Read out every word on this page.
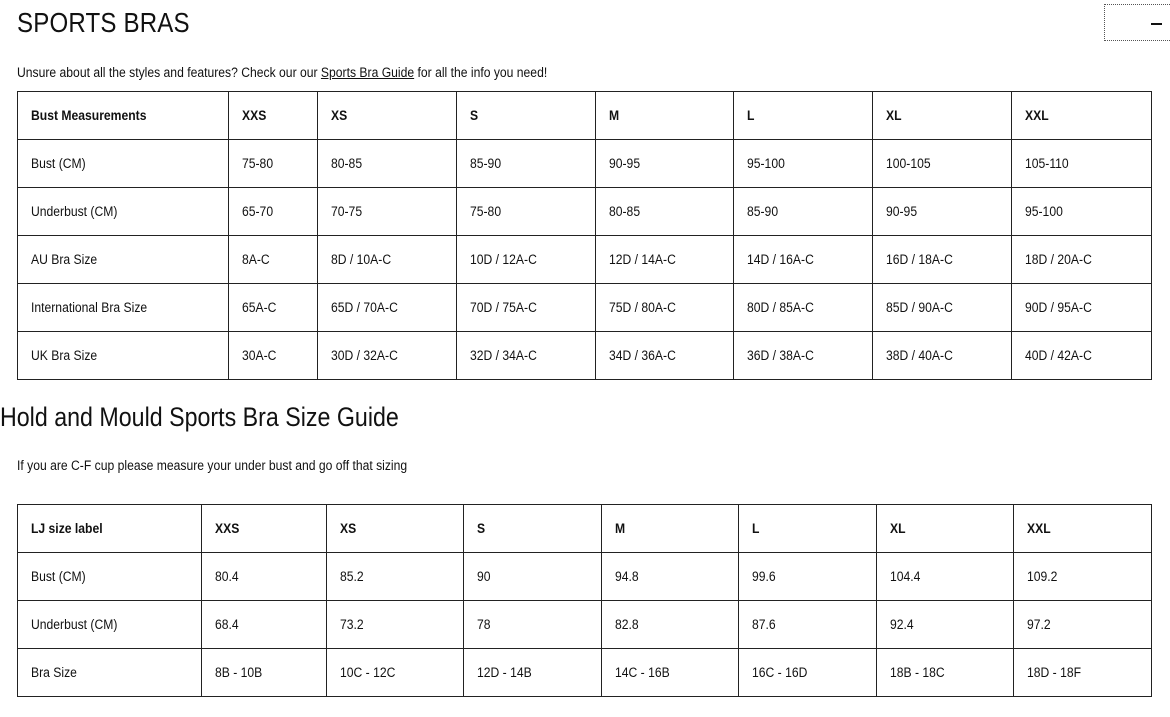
SPORTS BRAS
Unsure about all the styles and features? Check our our Sports Bra Guide for all the info you need!
Bust Measurements	XXS	XS	S	M	L	XL	XXL
Bust (CM)	75-80	80-85	85-90	90-95	95-100	100-105	105-110
Underbust (CM)	65-70	70-75	75-80	80-85	85-90	90-95	95-100
AU Bra Size	8A-C	8D / 10A-C	10D / 12A-C	12D / 14A-C	14D / 16A-C	16D / 18A-C	18D / 20A-C
International Bra Size	65A-C	65D / 70A-C	70D / 75A-C	75D / 80A-C	80D / 85A-C	85D / 90A-C	90D / 95A-C
UK Bra Size	30A-C	30D / 32A-C	32D / 34A-C	34D / 36A-C	36D / 38A-C	38D / 40A-C	40D / 42A-C
Hold and Mould Sports Bra Size Guide
If you are C-F cup please measure your under bust and go off that sizing
LJ size label	XXS	XS	S	M	L	XL	XXL
Bust (CM)	80.4	85.2	90	94.8	99.6	104.4	109.2
Underbust (CM)	68.4	73.2	78	82.8	87.6	92.4	97.2
Bra Size	8B - 10B	10C - 12C	12D - 14B	14C - 16B	16C - 16D	18B - 18C	18D - 18F
